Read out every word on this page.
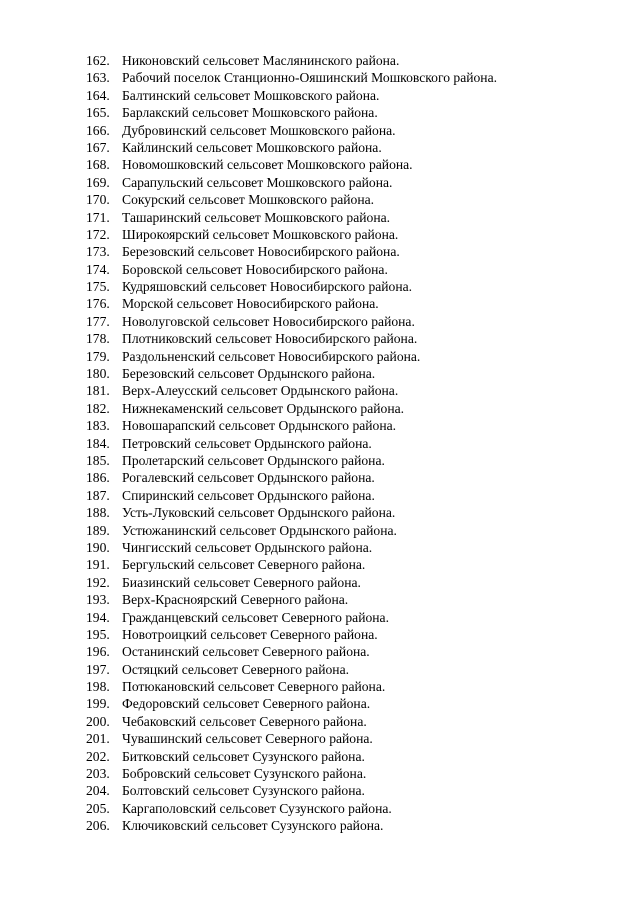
162. Никоновский сельсовет Маслянинского района.
163. Рабочий поселок Станционно-Ояшинский Мошковского района.
164. Балтинский сельсовет Мошковского района.
165. Барлакский сельсовет Мошковского района.
166. Дубровинский сельсовет Мошковского района.
167. Кайлинский сельсовет Мошковского района.
168. Новомошковский сельсовет Мошковского района.
169. Сарапульский сельсовет Мошковского района.
170. Сокурский сельсовет Мошковского района.
171. Ташаринский сельсовет Мошковского района.
172. Широкоярский сельсовет Мошковского района.
173. Березовский сельсовет Новосибирского района.
174. Боровской сельсовет Новосибирского района.
175. Кудряшовский сельсовет Новосибирского района.
176. Морской сельсовет Новосибирского района.
177. Новолуговской сельсовет Новосибирского района.
178. Плотниковский сельсовет Новосибирского района.
179. Раздольненский сельсовет Новосибирского района.
180. Березовский сельсовет Ордынского района.
181. Верх-Алеусский сельсовет Ордынского района.
182. Нижнекаменский сельсовет Ордынского района.
183. Новошарапский сельсовет Ордынского района.
184. Петровский сельсовет Ордынского района.
185. Пролетарский сельсовет Ордынского района.
186. Рогалевский сельсовет Ордынского района.
187. Спиринский сельсовет Ордынского района.
188. Усть-Луковский сельсовет Ордынского района.
189. Устюжанинский сельсовет Ордынского района.
190. Чингисский сельсовет Ордынского района.
191. Бергульский сельсовет Северного района.
192. Биазинский сельсовет Северного района.
193. Верх-Красноярский Северного района.
194. Гражданцевский сельсовет Северного района.
195. Новотроицкий сельсовет Северного района.
196. Останинский сельсовет Северного района.
197. Остяцкий сельсовет Северного района.
198. Потюкановский сельсовет Северного района.
199. Федоровский сельсовет Северного района.
200. Чебаковский сельсовет Северного района.
201. Чувашинский сельсовет Северного района.
202. Битковский сельсовет Сузунского района.
203. Бобровский сельсовет Сузунского района.
204. Болтовский сельсовет Сузунского района.
205. Каргаполовский сельсовет Сузунского района.
206. Ключиковский сельсовет Сузунского района.
